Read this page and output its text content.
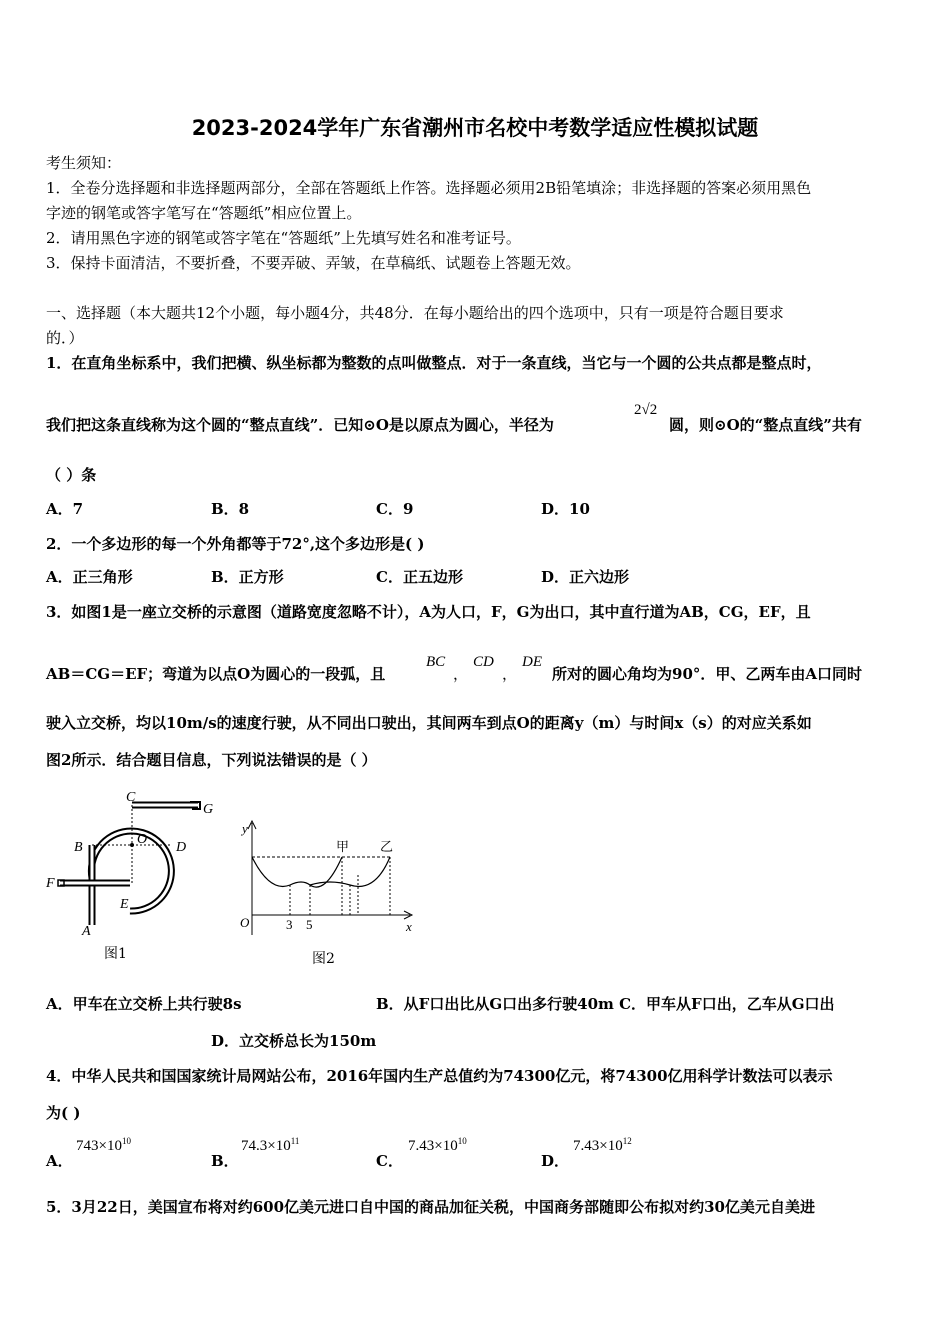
2023-2024学年广东省潮州市名校中考数学适应性模拟试题
考生须知：
1．全卷分选择题和非选择题两部分，全部在答题纸上作答。选择题必须用2B铅笔填涂；非选择题的答案必须用黑色
字迹的钢笔或答字笔写在“答题纸”相应位置上。
2．请用黑色字迹的钢笔或答字笔在“答题纸”上先填写姓名和准考证号。
3．保持卡面清洁，不要折叠，不要弄破、弄皱，在草稿纸、试题卷上答题无效。
一、选择题（本大题共12个小题，每小题4分，共48分．在每小题给出的四个选项中，只有一项是符合题目要求
的．）
1．在直角坐标系中，我们把横、纵坐标都为整数的点叫做整点．对于一条直线，当它与一个圆的公共点都是整点时，
我们把这条直线称为这个圆的“整点直线”．已知⊙O是以原点为圆心，半径为
2√2
圆，则⊙O的“整点直线”共有
（ ）条
A．7	B．8	C．9	D．10
2．一个多边形的每一个外角都等于72°,这个多边形是( )
A．正三角形	B．正方形	C．正五边形	D．正六边形
3．如图1是一座立交桥的示意图（道路宽度忽略不计），A为人口，F，G为出口，其中直行道为AB，CG，EF，且
AB＝CG＝EF；弯道为以点O为圆心的一段弧，且
BC
，
CD
，
DE
所对的圆心角均为90°．甲、乙两车由A口同时
驶入立交桥，均以10m/s的速度行驶，从不同出口驶出，其间两车到点O的距离y（m）与时间x（s）的对应关系如
图2所示．结合题目信息，下列说法错误的是（ ）
C
G
O
B	D
F
E
A
图1
y
x
O	3 5
甲 乙
图2
A．甲车在立交桥上共行驶8s	B．从F口出比从G口出多行驶40m C．甲车从F口出，乙车从G口出
D．立交桥总长为150m
4．中华人民共和国国家统计局网站公布，2016年国内生产总值约为74300亿元，将74300亿用科学计数法可以表示
为( )
A．
$743\times 10^{10}$
B．
$74.3\times 10^{11}$
C．
$7.43\times 10^{10}$
D．
$7.43\times 10^{12}$
5．3月22日，美国宣布将对约600亿美元进口自中国的商品加征关税，中国商务部随即公布拟对约30亿美元自美进
